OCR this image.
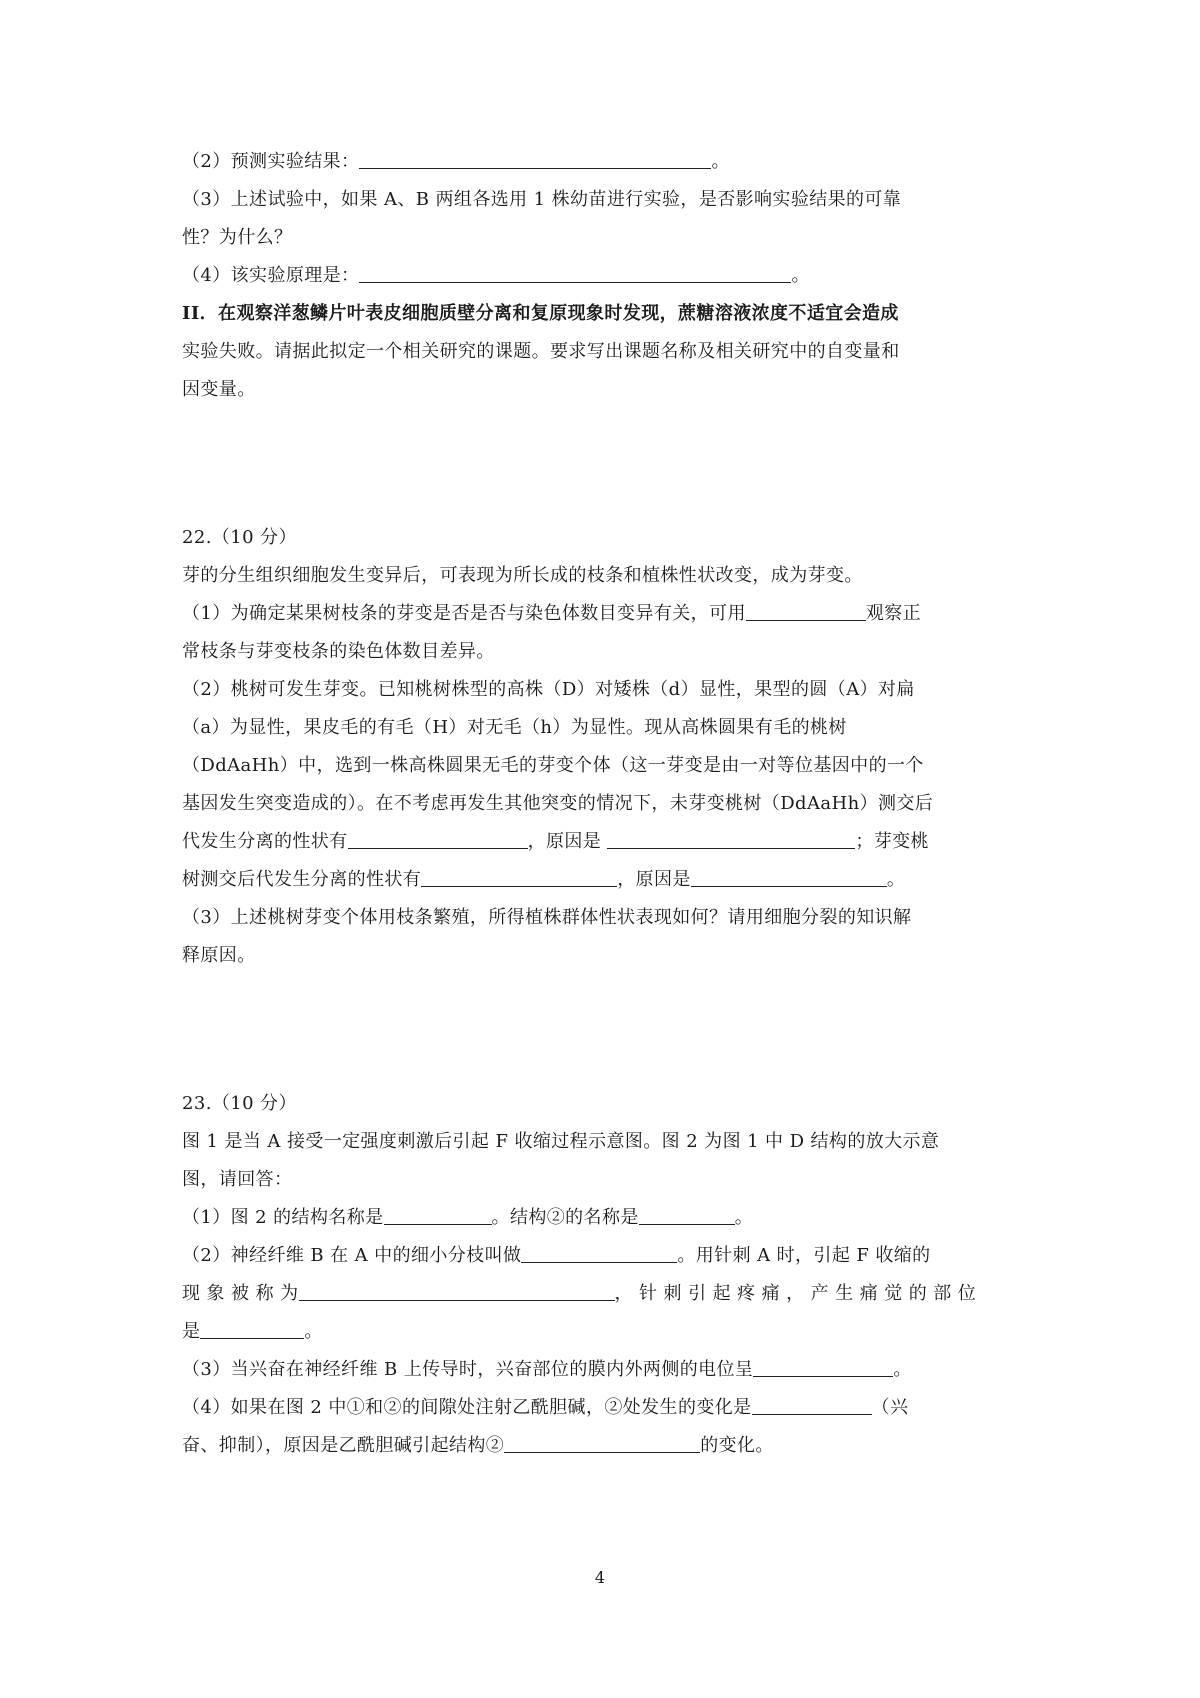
（2）预测实验结果：	。
（3）上述试验中，如果 A、B 两组各选用 1 株幼苗进行实验，是否影响实验结果的可靠
性？为什么？
（4）该实验原理是：	。
II．在观察洋葱鳞片叶表皮细胞质壁分离和复原现象时发现，蔗糖溶液浓度不适宜会造成
实验失败。请据此拟定一个相关研究的课题。要求写出课题名称及相关研究中的自变量和
因变量。
22.（10 分）
芽的分生组织细胞发生变异后，可表现为所长成的枝条和植株性状改变，成为芽变。
（1）为确定某果树枝条的芽变是否是否与染色体数目变异有关，可用	观察正
常枝条与芽变枝条的染色体数目差异。
（2）桃树可发生芽变。已知桃树株型的高株（D）对矮株（d）显性，果型的圆（A）对扁
（a）为显性，果皮毛的有毛（H）对无毛（h）为显性。现从高株圆果有毛的桃树
（DdAaHh）中，选到一株高株圆果无毛的芽变个体（这一芽变是由一对等位基因中的一个
基因发生突变造成的）。在不考虑再发生其他突变的情况下，未芽变桃树（DdAaHh）测交后
代发生分离的性状有	，原因是	；芽变桃
树测交后代发生分离的性状有	，原因是	。
（3）上述桃树芽变个体用枝条繁殖，所得植株群体性状表现如何？请用细胞分裂的知识解
释原因。
23.（10 分）
图 1 是当 A 接受一定强度刺激后引起 F 收缩过程示意图。图 2 为图 1 中 D 结构的放大示意
图，请回答：
（1）图 2 的结构名称是	。结构②的名称是	。
（2）神经纤维 B 在 A 中的细小分枝叫做	。用针刺 A 时，引起 F 收缩的
现 象 被 称 为	， 针 刺 引 起 疼 痛 ， 产 生 痛 觉 的 部 位
是	。
（3）当兴奋在神经纤维 B 上传导时，兴奋部位的膜内外两侧的电位呈	。
（4）如果在图 2 中①和②的间隙处注射乙酰胆碱，②处发生的变化是	（兴
奋、抑制），原因是乙酰胆碱引起结构②	的变化。
4
